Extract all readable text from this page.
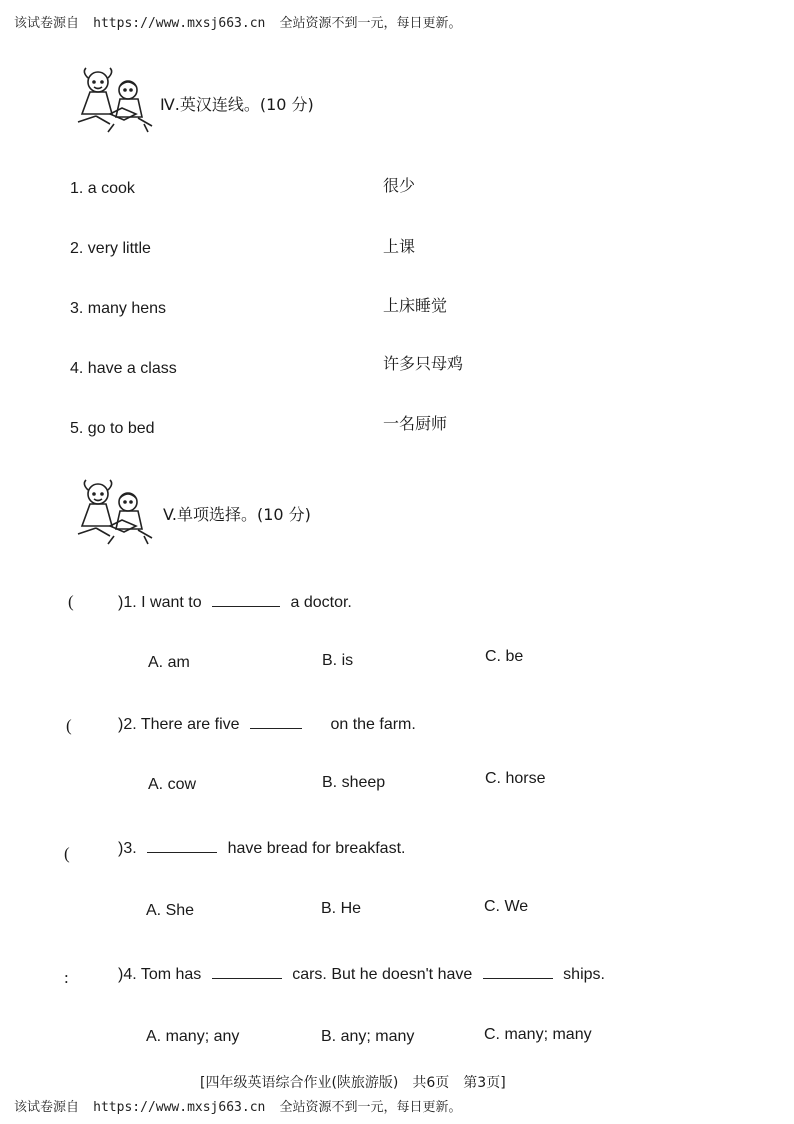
该试卷源自 https://www.mxsj663.cn 全站资源不到一元，每日更新。
Ⅳ.英汉连线。(10 分)
1. a cook
2. very little
3. many hens
4. have a class
5. go to bed
很少
上课
上床睡觉
许多只母鸡
一名厨师
V.单项选择。(10 分)
(	)1. I want to	a doctor.
A. am	B. is	C. be
(	)2. There are five	on the farm.
A. cow	B. sheep	C. horse
(	)3.	have bread for breakfast.
A. She	B. He	C. We
:	)4. Tom has	cars. But he doesn't have	ships.
A. many; any	B. any; many	C. many; many
[四年级英语综合作业(陕旅游版)　共6页　第3页]
该试卷源自 https://www.mxsj663.cn 全站资源不到一元，每日更新。
